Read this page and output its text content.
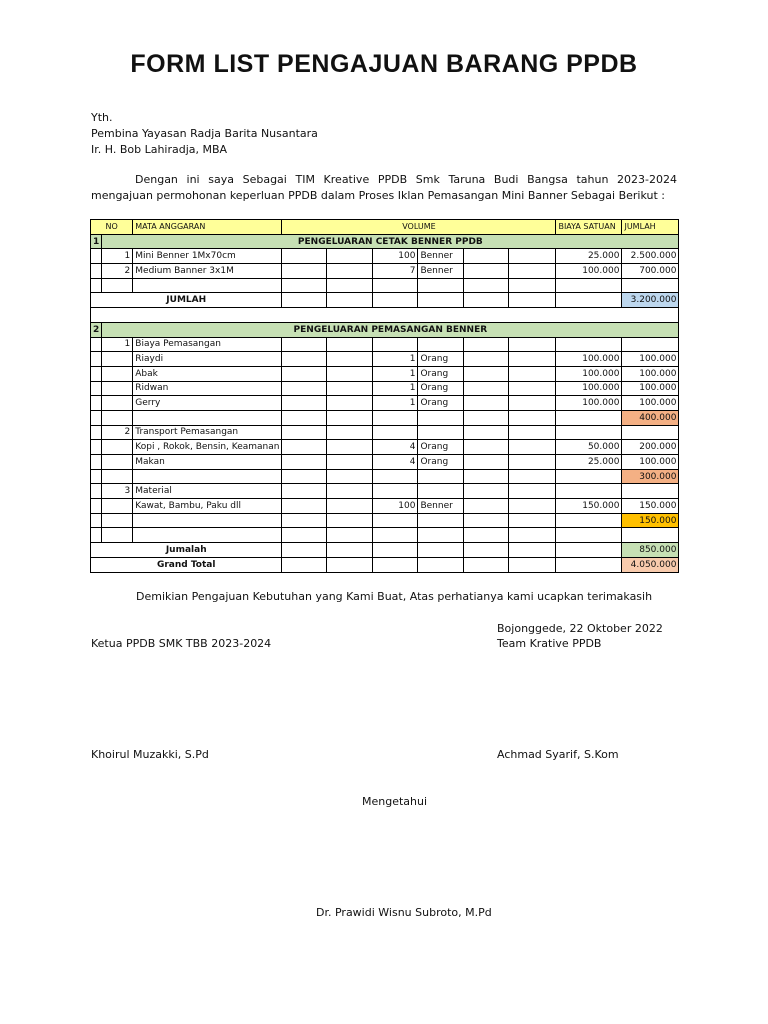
FORM LIST PENGAJUAN BARANG PPDB
Yth.
Pembina Yayasan Radja Barita Nusantara
Ir. H. Bob Lahiradja, MBA
Dengan ini saya Sebagai TIM Kreative PPDB Smk Taruna Budi Bangsa tahun 2023-2024 mengajuan permohonan keperluan PPDB dalam Proses Iklan Pemasangan Mini Banner Sebagai Berikut :
NO		MATA ANGGARAN	VOLUME						BIAYA SATUAN	JUMLAH
1	PENGELUARAN CETAK BENNER PPDB									
	1	Mini Benner 1Mx70cm			100	Benner			25.000	2.500.000
	2	Medium Banner 3x1M			7	Benner			100.000	700.000

JUMLAH										3.200.000

2	PENGELUARAN PEMASANGAN BENNER									
	1	Biaya Pemasangan								
		Riaydi			1	Orang			100.000	100.000
		Abak			1	Orang			100.000	100.000
		Ridwan			1	Orang			100.000	100.000
		Gerry			1	Orang			100.000	100.000
										400.000
	2	Transport Pemasangan								
		Kopi , Rokok, Bensin, Keamanan			4	Orang			50.000	200.000
		Makan			4	Orang			25.000	100.000
										300.000
	3	Material								
		Kawat, Bambu, Paku dll			100	Benner			150.000	150.000
										150.000

Jumalah										850.000
Grand Total										4.050.000
Demikian Pengajuan Kebutuhan yang Kami Buat, Atas perhatianya kami ucapkan terimakasih
Bojonggede, 22 Oktober 2022
Ketua PPDB SMK TBB 2023-2024	Team Krative PPDB
Khoirul Muzakki, S.Pd	Achmad Syarif, S.Kom
Mengetahui
Dr. Prawidi Wisnu Subroto, M.Pd
